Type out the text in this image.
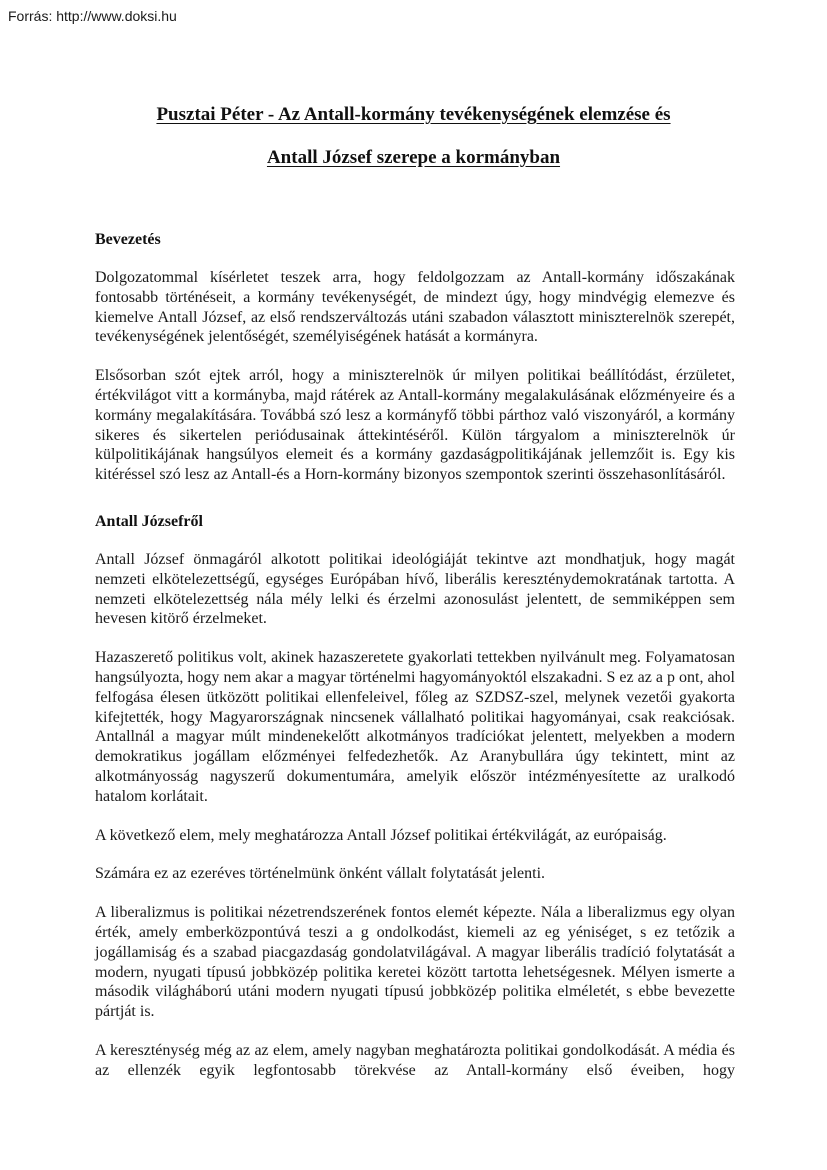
Forrás: http://www.doksi.hu
Pusztai Péter - Az Antall-kormány tevékenységének elemzése és
Antall József szerepe a kormányban
Bevezetés

Dolgozatommal kísérletet teszek arra, hogy feldolgozzam az Antall-kormány időszakának fontosabb történéseit, a kormány tevékenységét, de mindezt úgy, hogy mindvégig elemezve és kiemelve Antall József, az első rendszerváltozás utáni szabadon választott miniszterelnök szerepét, tevékenységének jelentőségét, személyiségének hatását a kormányra.

Elsősorban szót ejtek arról, hogy a miniszterelnök úr milyen politikai beállítódást, érzületet, értékvilágot vitt a kormányba, majd rátérek az Antall-kormány megalakulásának előzményeire és a kormány megalakítására. Továbbá szó lesz a kormányfő többi párthoz való viszonyáról, a kormány sikeres és sikertelen periódusainak áttekintéséről. Külön tárgyalom a miniszterelnök úr külpolitikájának hangsúlyos elemeit és a kormány gazdaságpolitikájának jellemzőit is. Egy kis kitéréssel szó lesz az Antall-és a Horn-kormány bizonyos szempontok szerinti összehasonlításáról.

Antall Józsefről

Antall József önmagáról alkotott politikai ideológiáját tekintve azt mondhatjuk, hogy magát nemzeti elkötelezettségű, egységes Európában hívő, liberális kereszténydemokratának tartotta. A nemzeti elkötelezettség nála mély lelki és érzelmi azonosulást jelentett, de semmiképpen sem hevesen kitörő érzelmeket.

Hazaszerető politikus volt, akinek hazaszeretete gyakorlati tettekben nyilvánult meg. Folyamatosan hangsúlyozta, hogy nem akar a magyar történelmi hagyományoktól elszakadni. S ez az a p ont, ahol felfogása élesen ütközött politikai ellenfeleivel, főleg az SZDSZ-szel, melynek vezetői gyakorta kifejtették, hogy Magyarországnak nincsenek vállalható politikai hagyományai, csak reakciósak. Antallnál a magyar múlt mindenekelőtt alkotmányos tradíciókat jelentett, melyekben a modern demokratikus jogállam előzményei felfedezhetők. Az Aranybullára úgy tekintett, mint az alkotmányosság nagyszerű dokumentumára, amelyik először intézményesítette az uralkodó hatalom korlátait.

A következő elem, mely meghatározza Antall József politikai értékvilágát, az európaiság.

Számára ez az ezeréves történelmünk önként vállalt folytatását jelenti.

A liberalizmus is politikai nézetrendszerének fontos elemét képezte. Nála a liberalizmus egy olyan érték, amely emberközpontúvá teszi a g ondolkodást, kiemeli az eg yéniséget, s ez tetőzik a jogállamiság és a szabad piacgazdaság gondolatvilágával. A magyar liberális tradíció folytatását a modern, nyugati típusú jobbközép politika keretei között tartotta lehetségesnek. Mélyen ismerte a második világháború utáni modern nyugati típusú jobbközép politika elméletét, s ebbe bevezette pártját is.

A kereszténység még az az elem, amely nagyban meghatározta politikai gondolkodását. A média és az ellenzék egyik legfontosabb törekvése az Antall-kormány első éveiben, hogy
